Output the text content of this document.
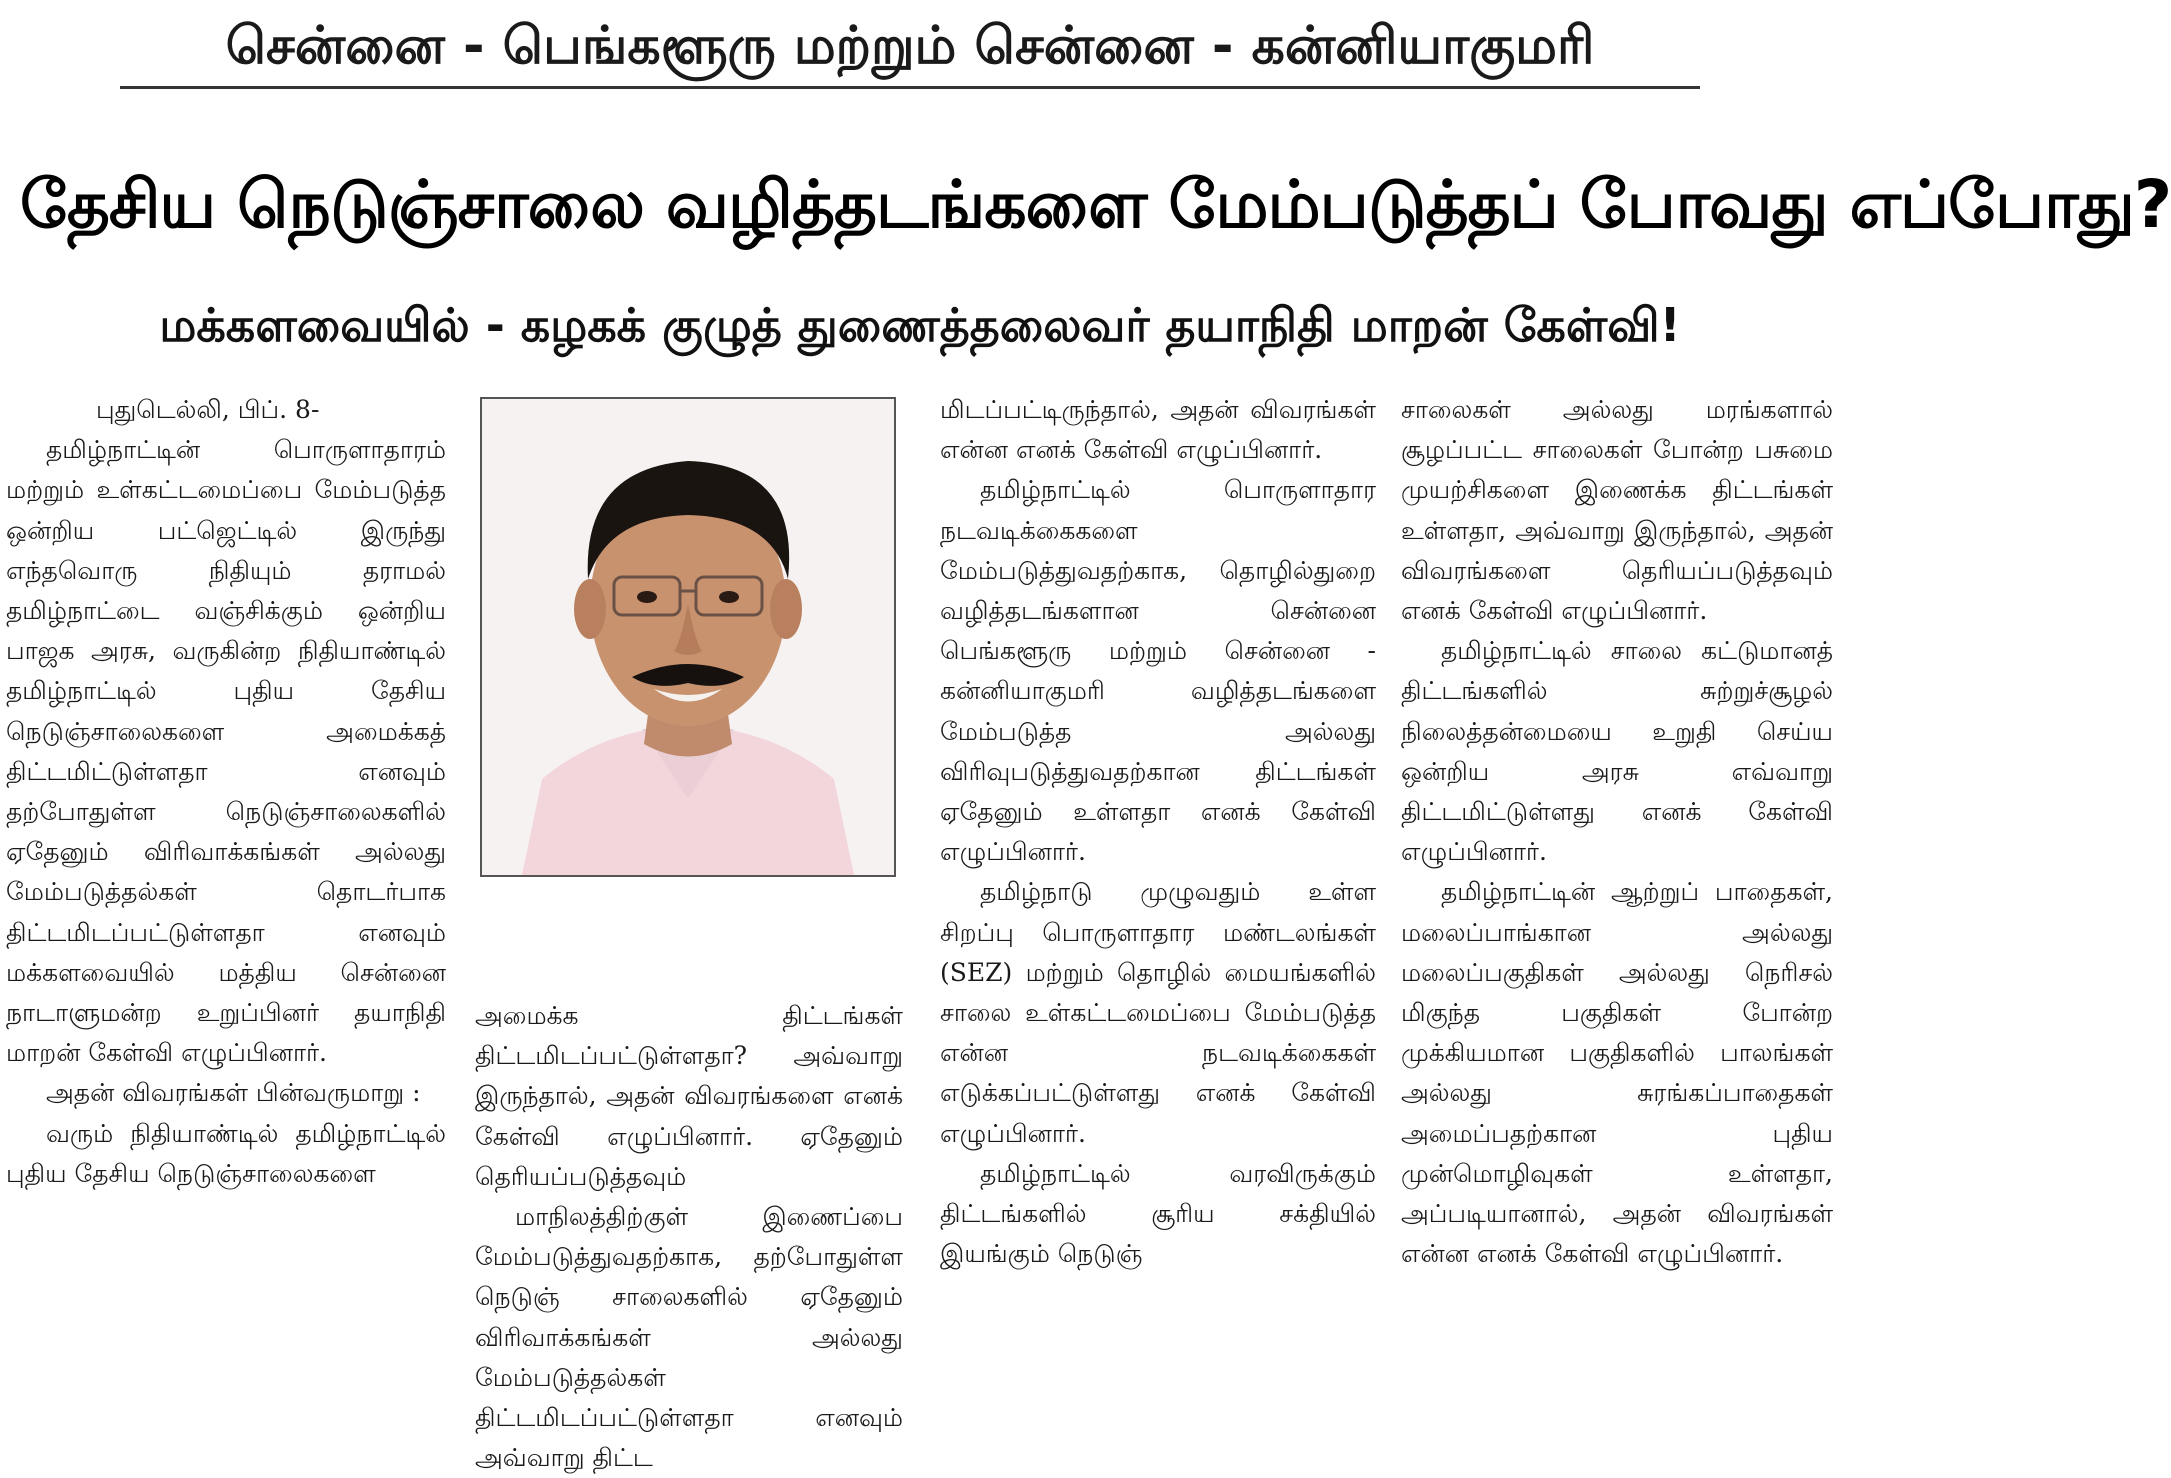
சென்னை - பெங்களூரு மற்றும் சென்னை - கன்னியாகுமரி
தேசிய நெடுஞ்சாலை வழித்தடங்களை மேம்படுத்தப் போவது எப்போது?
மக்களவையில் - கழகக் குழுத் துணைத்தலைவர் தயாநிதி மாறன் கேள்வி!

புதுடெல்லி, பிப். 8-

தமிழ்நாட்டின் பொருளாதாரம் மற்றும் உள்கட்டமைப்பை மேம்படுத்த ஒன்றிய பட்ஜெட்டில் இருந்து எந்தவொரு நிதியும் தராமல் தமிழ்நாட்டை வஞ்சிக்கும் ஒன்றிய பாஜக அரசு, வருகின்ற நிதியாண்டில் தமிழ்நாட்டில் புதிய தேசிய நெடுஞ்சாலைகளை அமைக்கத் திட்டமிட்டுள்ளதா எனவும் தற்போதுள்ள நெடுஞ்சாலைகளில் ஏதேனும் விரிவாக்கங்கள் அல்லது மேம்படுத்தல்கள் தொடர்பாக திட்டமிடப்பட்டுள்ளதா எனவும் மக்களவையில் மத்திய சென்னை நாடாளுமன்ற உறுப்பினர் தயாநிதி மாறன் கேள்வி எழுப்பினார்.

அதன் விவரங்கள் பின்வருமாறு :

வரும் நிதியாண்டில் தமிழ்நாட்டில் புதிய தேசிய நெடுஞ்சாலைகளை

அமைக்க திட்டங்கள் திட்டமிடப்பட்டுள்ளதா? அவ்வாறு இருந்தால், அதன் விவரங்களை எனக் கேள்வி எழுப்பினார். ஏதேனும் தெரியப்படுத்தவும்

மாநிலத்திற்குள் இணைப்பை மேம்படுத்துவதற்காக, தற்போதுள்ள நெடுஞ் சாலைகளில் ஏதேனும் விரிவாக்கங்கள் அல்லது மேம்படுத்தல்கள் திட்டமிடப்பட்டுள்ளதா எனவும் அவ்வாறு திட்ட

மிடப்பட்டிருந்தால், அதன் விவரங்கள் என்ன எனக் கேள்வி எழுப்பினார்.

தமிழ்நாட்டில் பொருளாதார நடவடிக்கைகளை மேம்படுத்துவதற்காக, தொழில்துறை வழித்தடங்களான சென்னை பெங்களூரு மற்றும் சென்னை - கன்னியாகுமரி வழித்தடங்களை மேம்படுத்த அல்லது விரிவுபடுத்துவதற்கான திட்டங்கள் ஏதேனும் உள்ளதா எனக் கேள்வி எழுப்பினார்.

தமிழ்நாடு முழுவதும் உள்ள சிறப்பு பொருளாதார மண்டலங்கள் (SEZ) மற்றும் தொழில் மையங்களில் சாலை உள்கட்டமைப்பை மேம்படுத்த என்ன நடவடிக்கைகள் எடுக்கப்பட்டுள்ளது எனக் கேள்வி எழுப்பினார்.

தமிழ்நாட்டில் வரவிருக்கும் திட்டங்களில் சூரிய சக்தியில் இயங்கும் நெடுஞ்

சாலைகள் அல்லது மரங்களால் சூழப்பட்ட சாலைகள் போன்ற பசுமை முயற்சிகளை இணைக்க திட்டங்கள் உள்ளதா, அவ்வாறு இருந்தால், அதன் விவரங்களை தெரியப்படுத்தவும் எனக் கேள்வி எழுப்பினார்.

தமிழ்நாட்டில் சாலை கட்டுமானத் திட்டங்களில் சுற்றுச்சூழல் நிலைத்தன்மையை உறுதி செய்ய ஒன்றிய அரசு எவ்வாறு திட்டமிட்டுள்ளது எனக் கேள்வி எழுப்பினார்.

தமிழ்நாட்டின் ஆற்றுப் பாதைகள், மலைப்பாங்கான அல்லது மலைப்பகுதிகள் அல்லது நெரிசல் மிகுந்த பகுதிகள் போன்ற முக்கியமான பகுதிகளில் பாலங்கள் அல்லது சுரங்கப்பாதைகள் அமைப்பதற்கான புதிய முன்மொழிவுகள் உள்ளதா, அப்படியானால், அதன் விவரங்கள் என்ன எனக் கேள்வி எழுப்பினார்.
